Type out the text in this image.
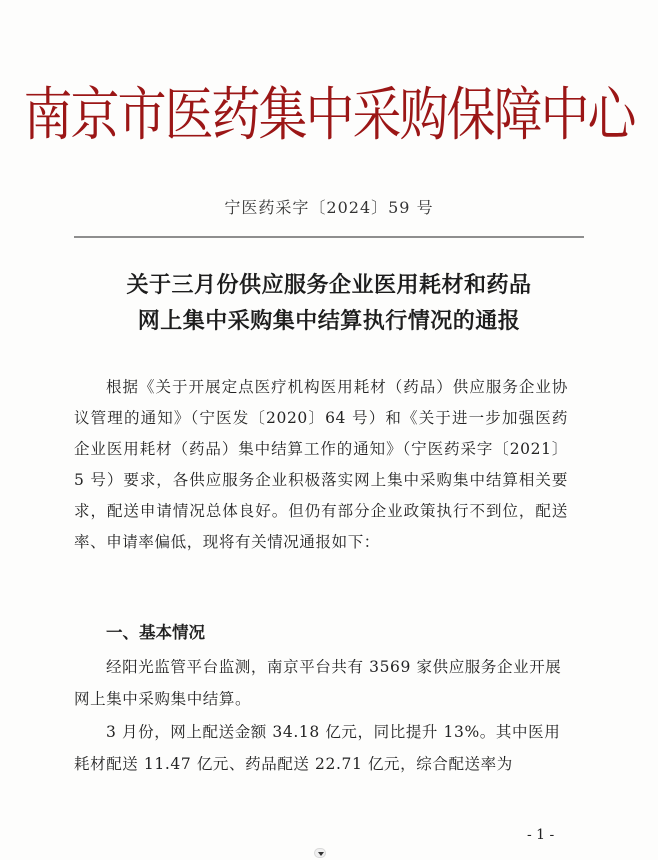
南京市医药集中采购保障中心
宁医药采字〔2024〕59 号
关于三月份供应服务企业医用耗材和药品
网上集中采购集中结算执行情况的通报
根据《关于开展定点医疗机构医用耗材（药品）供应服务企业协议管理的通知》（宁医发〔2020〕64 号）和《关于进一步加强医药企业医用耗材（药品）集中结算工作的通知》（宁医药采字〔2021〕5 号）要求，各供应服务企业积极落实网上集中采购集中结算相关要求，配送申请情况总体良好。但仍有部分企业政策执行不到位，配送率、申请率偏低，现将有关情况通报如下：
一、基本情况
经阳光监管平台监测，南京平台共有 3569 家供应服务企业开展网上集中采购集中结算。
3 月份，网上配送金额 34.18 亿元，同比提升 13%。其中医用耗材配送 11.47 亿元、药品配送 22.71 亿元，综合配送率为
- 1 -
